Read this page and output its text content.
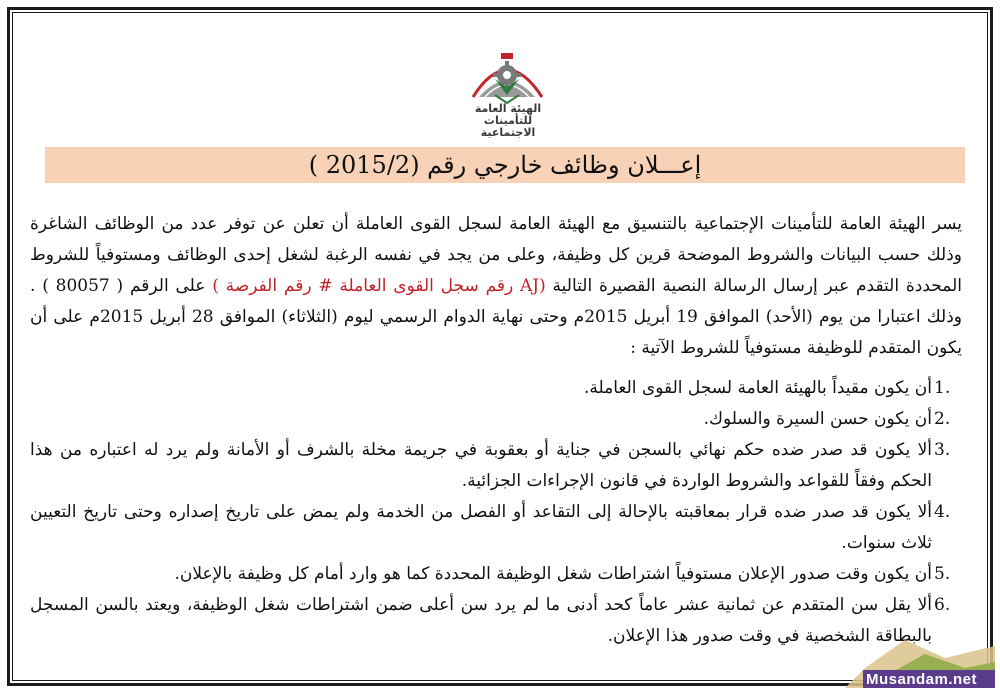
الهيئة العامة
للتأمينات الاجتماعية
إعـــلان وظائف خارجي رقم (2015/2 )
يسر الهيئة العامة للتأمينات الإجتماعية بالتنسيق مع الهيئة العامة لسجل القوى العاملة أن تعلن عن توفر عدد من الوظائف الشاغرة وذلك حسب البيانات والشروط الموضحة قرين كل وظيفة، وعلى من يجد في نفسه الرغبة لشغل إحدى الوظائف ومستوفياً للشروط المحددة التقدم عبر إرسال الرسالة النصية القصيرة التالية (AJ رقم سجل القوى العاملة # رقم الفرصة ) على الرقم ( 80057 ) . وذلك اعتبارا من يوم (الأحد) الموافق 19 أبريل 2015م وحتى نهاية الدوام الرسمي ليوم (الثلاثاء) الموافق 28 أبريل 2015م على أن يكون المتقدم للوظيفة مستوفياً للشروط الآتية :
1.
أن يكون مقيداً بالهيئة العامة لسجل القوى العاملة.
2.
أن يكون حسن السيرة والسلوك.
3.
ألا يكون قد صدر ضده حكم نهائي بالسجن في جناية أو بعقوبة في جريمة مخلة بالشرف أو الأمانة ولم يرد له اعتباره من هذا الحكم وفقاً للقواعد والشروط الواردة في قانون الإجراءات الجزائية.
4.
ألا يكون قد صدر ضده قرار بمعاقبته بالإحالة إلى التقاعد أو الفصل من الخدمة ولم يمض على تاريخ إصداره وحتى تاريخ التعيين ثلاث سنوات.
5.
أن يكون وقت صدور الإعلان مستوفياً اشتراطات شغل الوظيفة المحددة كما هو وارد أمام كل وظيفة بالإعلان.
6.
ألا يقل سن المتقدم عن ثمانية عشر عاماً كحد أدنى ما لم يرد سن أعلى ضمن اشتراطات شغل الوظيفة، ويعتد بالسن المسجل بالبطاقة الشخصية في وقت صدور هذا الإعلان.
Musandam.net
